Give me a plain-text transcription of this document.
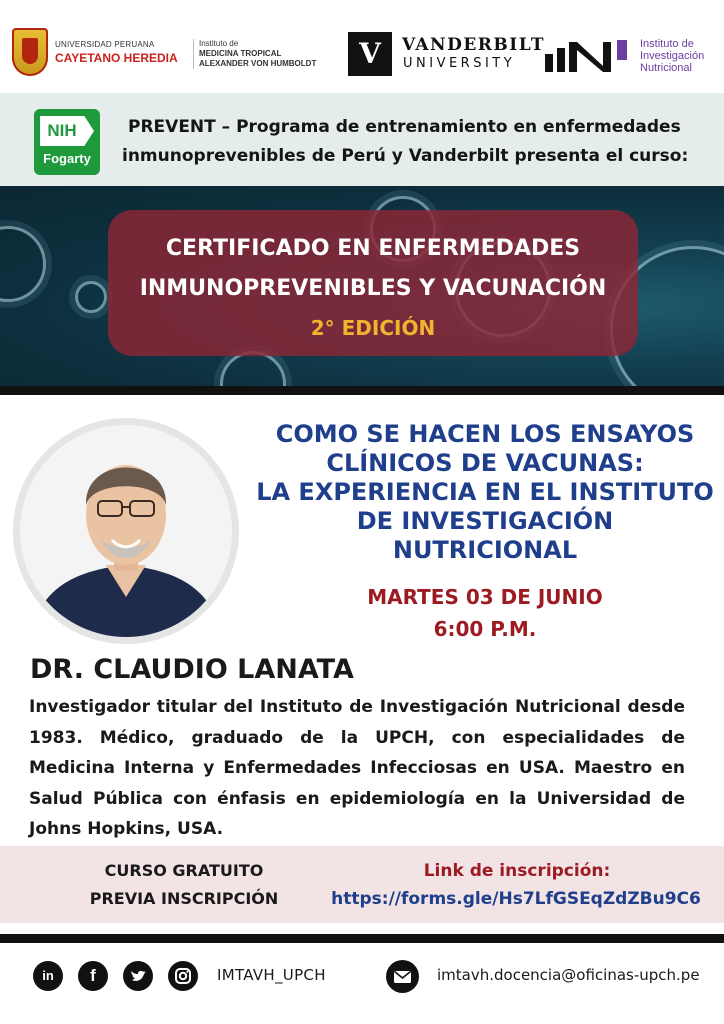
UNIVERSIDAD PERUANA
CAYETANO HEREDIA
Instituto de
MEDICINA TROPICAL
ALEXANDER VON HUMBOLDT	V	VANDERBILT
UNIVERSITY
Instituto de
Investigación
Nutricional
NIH
Fogarty
PREVENT – Programa de entrenamiento en enfermedades
inmunoprevenibles de Perú y Vanderbilt presenta el curso:
CERTIFICADO EN ENFERMEDADES
INMUNOPREVENIBLES Y VACUNACIÓN
2° EDICIÓN
COMO SE HACEN LOS ENSAYOS
CLÍNICOS DE VACUNAS:
LA EXPERIENCIA EN EL INSTITUTO
DE INVESTIGACIÓN
NUTRICIONAL
MARTES 03 DE JUNIO
6:00 P.M.
DR. CLAUDIO LANATA
Investigador titular del Instituto de Investigación Nutricional desde 1983. Médico, graduado de la UPCH, con especialidades de Medicina Interna y Enfermedades Infecciosas en USA. Maestro en Salud Pública con énfasis en epidemiología en la Universidad de Johns Hopkins, USA.
CURSO GRATUITO
PREVIA INSCRIPCIÓN
Link de inscripción:
https://forms.gle/Hs7LfGSEqZdZBu9C6
in	f	IMTAVH_UPCH	imtavh.docencia@oficinas-upch.pe
